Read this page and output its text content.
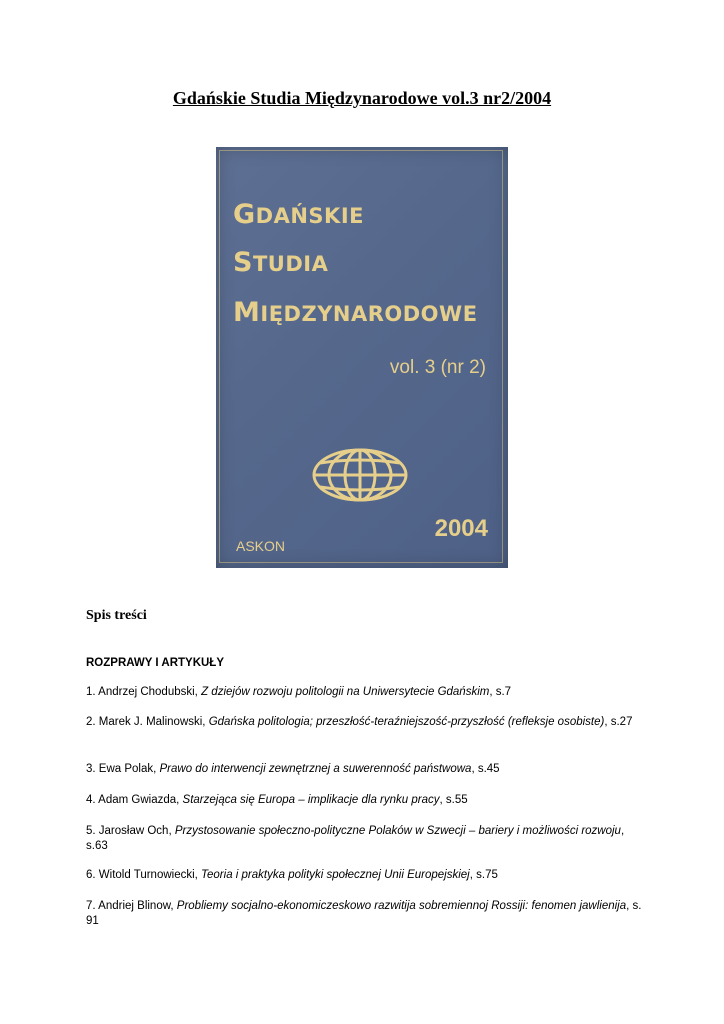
Gdańskie Studia Międzynarodowe vol.3 nr2/2004
GDAŃSKIE
STUDIA
MIĘDZYNARODOWE
vol. 3 (nr 2)
2004
ASKON
Spis treści
ROZPRAWY I ARTYKUŁY
1. Andrzej Chodubski, Z dziejów rozwoju politologii na Uniwersytecie Gdańskim, s.7
2. Marek J. Malinowski, Gdańska politologia; przeszłość-teraźniejszość-przyszłość (refleksje osobiste), s.27
3. Ewa Polak, Prawo do interwencji zewnętrznej a suwerenność państwowa, s.45
4. Adam Gwiazda, Starzejąca się Europa – implikacje dla rynku pracy, s.55
5. Jarosław Och, Przystosowanie społeczno-polityczne Polaków w Szwecji – bariery i możliwości rozwoju, s.63
6. Witold Turnowiecki, Teoria i praktyka polityki społecznej Unii Europejskiej, s.75
7. Andriej Blinow, Probliemy socjalno-ekonomiczeskowo razwitija sobremiennoj Rossiji: fenomen jawlienija, s. 91
